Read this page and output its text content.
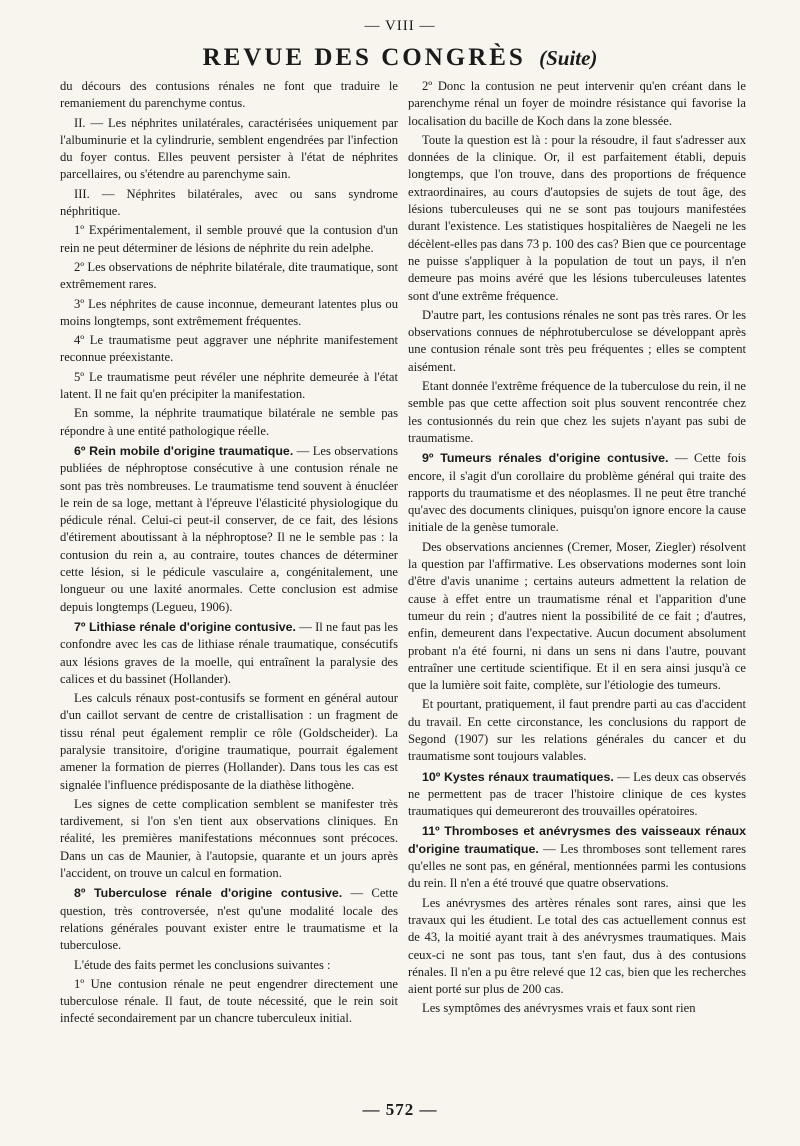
— VIII —
REVUE DES CONGRÈS (Suite)

du décours des contusions rénales ne font que traduire le remaniement du parenchyme contus.

II. — Les néphrites unilatérales, caractérisées uniquement par l'albuminurie et la cylindrurie, semblent engendrées par l'infection du foyer contus. Elles peuvent persister à l'état de néphrites parcellaires, ou s'étendre au parenchyme sain.

III. — Néphrites bilatérales, avec ou sans syndrome néphritique.

1º Expérimentalement, il semble prouvé que la contusion d'un rein ne peut déterminer de lésions de néphrite du rein adelphe.

2º Les observations de néphrite bilatérale, dite traumatique, sont extrêmement rares.

3º Les néphrites de cause inconnue, demeurant latentes plus ou moins longtemps, sont extrêmement fréquentes.

4º Le traumatisme peut aggraver une néphrite manifestement reconnue préexistante.

5º Le traumatisme peut révéler une néphrite demeurée à l'état latent. Il ne fait qu'en précipiter la manifestation.

En somme, la néphrite traumatique bilatérale ne semble pas répondre à une entité pathologique réelle.

6º Rein mobile d'origine traumatique. — Les observations publiées de néphroptose consécutive à une contusion rénale ne sont pas très nombreuses. Le traumatisme tend souvent à énucléer le rein de sa loge, mettant à l'épreuve l'élasticité physiologique du pédicule rénal. Celui-ci peut-il conserver, de ce fait, des lésions d'étirement aboutissant à la néphroptose? Il ne le semble pas : la contusion du rein a, au contraire, toutes chances de déterminer cette lésion, si le pédicule vasculaire a, congénitalement, une longueur ou une laxité anormales. Cette conclusion est admise depuis longtemps (Legueu, 1906).

7º Lithiase rénale d'origine contusive. — Il ne faut pas les confondre avec les cas de lithiase rénale traumatique, consécutifs aux lésions graves de la moelle, qui entraînent la paralysie des calices et du bassinet (Hollander).

Les calculs rénaux post-contusifs se forment en général autour d'un caillot servant de centre de cristallisation : un fragment de tissu rénal peut également remplir ce rôle (Goldscheider). La paralysie transitoire, d'origine traumatique, pourrait également amener la formation de pierres (Hollander). Dans tous les cas est signalée l'influence prédisposante de la diathèse lithogène.

Les signes de cette complication semblent se manifester très tardivement, si l'on s'en tient aux observations cliniques. En réalité, les premières manifestations méconnues sont précoces. Dans un cas de Maunier, à l'autopsie, quarante et un jours après l'accident, on trouve un calcul en formation.

8º Tuberculose rénale d'origine contusive. — Cette question, très controversée, n'est qu'une modalité locale des relations générales pouvant exister entre le traumatisme et la tuberculose.

L'étude des faits permet les conclusions suivantes :

1º Une contusion rénale ne peut engendrer directement une tuberculose rénale. Il faut, de toute nécessité, que le rein soit infecté secondairement par un chancre tuberculeux initial.

2º Donc la contusion ne peut intervenir qu'en créant dans le parenchyme rénal un foyer de moindre résistance qui favorise la localisation du bacille de Koch dans la zone blessée.

Toute la question est là : pour la résoudre, il faut s'adresser aux données de la clinique. Or, il est parfaitement établi, depuis longtemps, que l'on trouve, dans des proportions de fréquence extraordinaires, au cours d'autopsies de sujets de tout âge, des lésions tuberculeuses qui ne se sont pas toujours manifestées durant l'existence. Les statistiques hospitalières de Naegeli ne les décèlent-elles pas dans 73 p. 100 des cas? Bien que ce pourcentage ne puisse s'appliquer à la population de tout un pays, il n'en demeure pas moins avéré que les lésions tuberculeuses latentes sont d'une extrême fréquence.

D'autre part, les contusions rénales ne sont pas très rares. Or les observations connues de néphrotuberculose se développant après une contusion rénale sont très peu fréquentes ; elles se comptent aisément.

Etant donnée l'extrême fréquence de la tuberculose du rein, il ne semble pas que cette affection soit plus souvent rencontrée chez les contusionnés du rein que chez les sujets n'ayant pas subi de traumatisme.

9º Tumeurs rénales d'origine contusive. — Cette fois encore, il s'agit d'un corollaire du problème général qui traite des rapports du traumatisme et des néoplasmes. Il ne peut être tranché qu'avec des documents cliniques, puisqu'on ignore encore la cause initiale de la genèse tumorale.

Des observations anciennes (Cremer, Moser, Ziegler) résolvent la question par l'affirmative. Les observations modernes sont loin d'être d'avis unanime ; certains auteurs admettent la relation de cause à effet entre un traumatisme rénal et l'apparition d'une tumeur du rein ; d'autres nient la possibilité de ce fait ; d'autres, enfin, demeurent dans l'expectative. Aucun document absolument probant n'a été fourni, ni dans un sens ni dans l'autre, pouvant entraîner une certitude scientifique. Et il en sera ainsi jusqu'à ce que la lumière soit faite, complète, sur l'étiologie des tumeurs.

Et pourtant, pratiquement, il faut prendre parti au cas d'accident du travail. En cette circonstance, les conclusions du rapport de Segond (1907) sur les relations générales du cancer et du traumatisme sont toujours valables.

10º Kystes rénaux traumatiques. — Les deux cas observés ne permettent pas de tracer l'histoire clinique de ces kystes traumatiques qui demeureront des trouvailles opératoires.

11º Thromboses et anévrysmes des vaisseaux rénaux d'origine traumatique. — Les thromboses sont tellement rares qu'elles ne sont pas, en général, mentionnées parmi les contusions du rein. Il n'en a été trouvé que quatre observations.

Les anévrysmes des artères rénales sont rares, ainsi que les travaux qui les étudient. Le total des cas actuellement connus est de 43, la moitié ayant trait à des anévrysmes traumatiques. Mais ceux-ci ne sont pas tous, tant s'en faut, dus à des contusions rénales. Il n'en a pu être relevé que 12 cas, bien que les recherches aient porté sur plus de 200 cas.

Les symptômes des anévrysmes vrais et faux sont rien

— 572 —
